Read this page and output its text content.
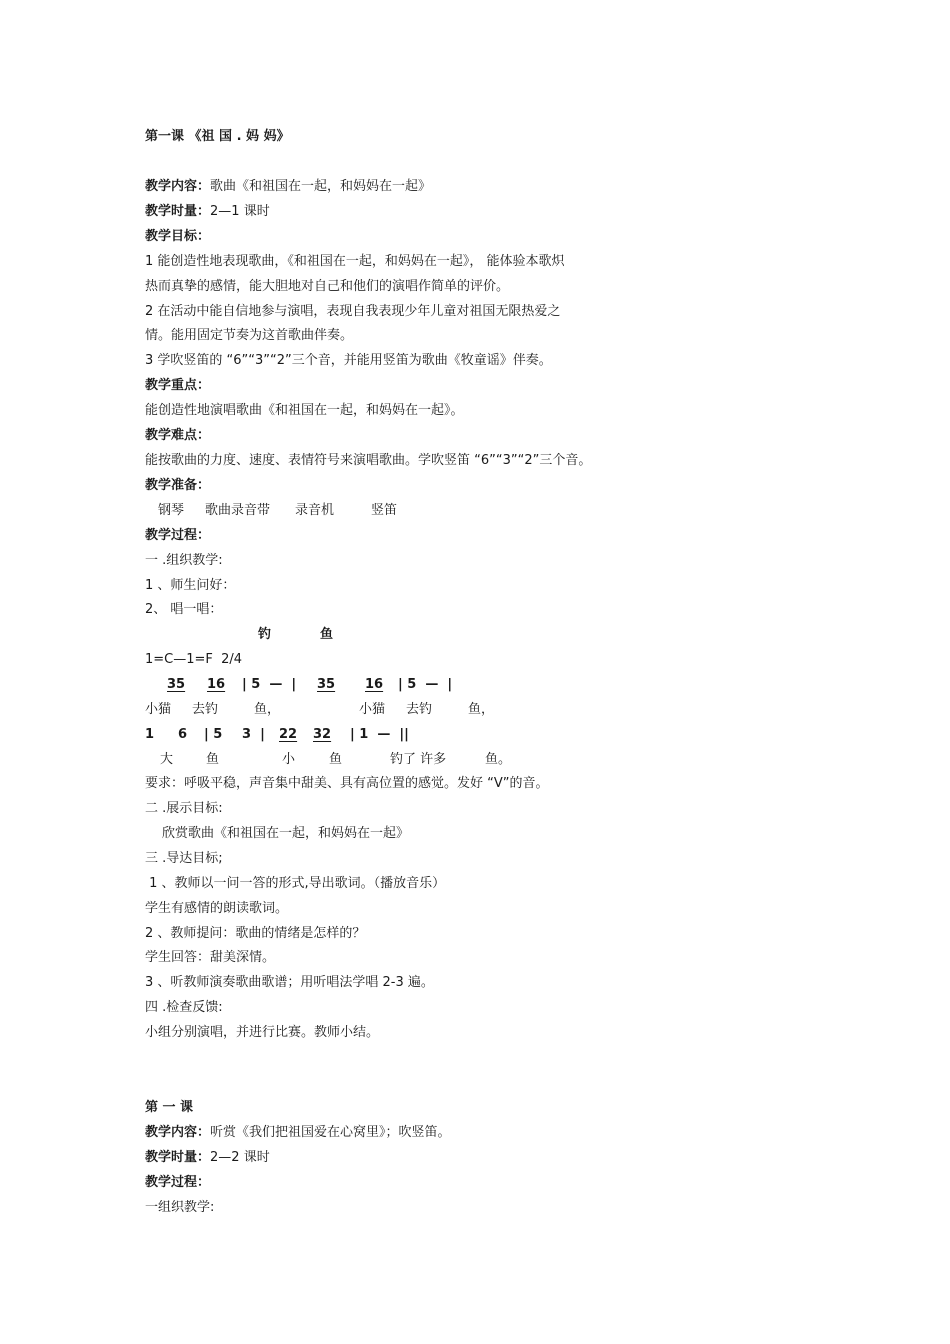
第一课 《祖 国 . 妈 妈》
教学内容：歌曲《和祖国在一起，和妈妈在一起》
教学时量：2—1 课时
教学目标：
1 能创造性地表现歌曲，《和祖国在一起，和妈妈在一起》， 能体验本歌炽
热而真挚的感情，能大胆地对自己和他们的演唱作简单的评价。
2 在活动中能自信地参与演唱，表现自我表现少年儿童对祖国无限热爱之
情。能用固定节奏为这首歌曲伴奏。
3 学吹竖笛的 “6”“3”“2”三个音，并能用竖笛为歌曲《牧童谣》伴奏。
教学重点：
能创造性地演唱歌曲《和祖国在一起，和妈妈在一起》。
教学难点：
能按歌曲的力度、速度、表情符号来演唱歌曲。学吹竖笛 “6”“3”“2”三个音。
教学准备：
钢琴 歌曲录音带 录音机	竖笛
教学过程：
一 .组织教学:
1 、师生问好：
2、 唱一唱：
钓	鱼
1=C—1=F  2/4
35 16 | 5  —  | 35 16 | 5  —  |
小猫 去钓	鱼，	小猫 去钓	鱼，
1 6 | 5 3  | 22 32 | 1  —  ||
大	鱼	小	鱼	钓了 许多	鱼。
要求：呼吸平稳，声音集中甜美、具有高位置的感觉。发好 “V”的音。
二 .展示目标:
欣赏歌曲《和祖国在一起，和妈妈在一起》
三 .导达目标;
1 、教师以一问一答的形式,导出歌词。（播放音乐）
学生有感情的朗读歌词。
2 、教师提问：歌曲的情绪是怎样的？
学生回答：甜美深情。
3 、听教师演奏歌曲歌谱；用听唱法学唱 2-3 遍。
四 .检查反馈:
小组分别演唱，并进行比赛。教师小结。
第 一 课
教学内容：听赏《我们把祖国爱在心窝里》；吹竖笛。
教学时量：2—2 课时
教学过程：
一组织教学:
